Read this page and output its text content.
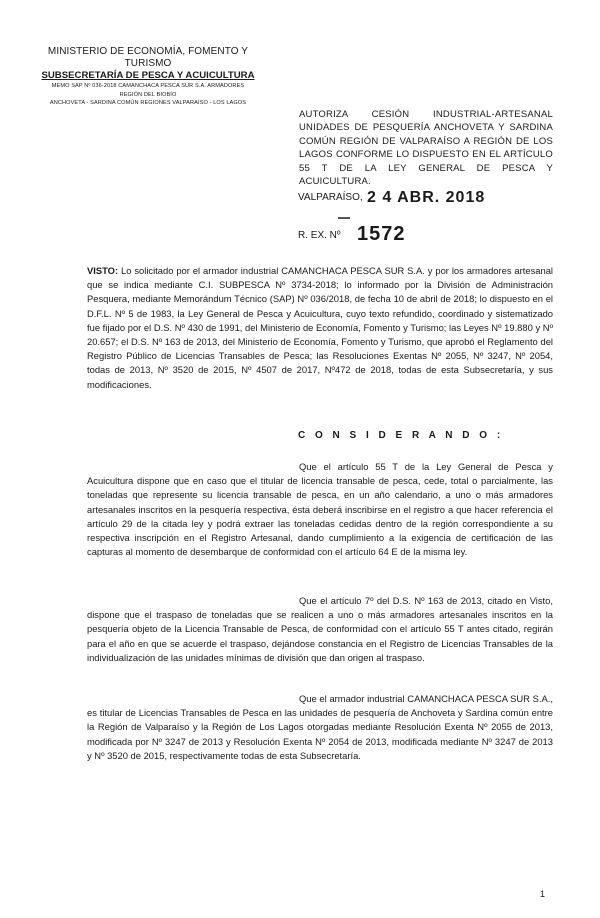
MINISTERIO DE ECONOMÍA, FOMENTO Y TURISMO
SUBSECRETARÍA DE PESCA Y ACUICULTURA
MEMO SAP Nº 036-2018 CAMANCHACA PESCA SUR S.A. ARMADORES
REGIÓN DEL BIOBÍO
ANCHOVETA - SARDINA COMÚN REGIONES VALPARAÍSO - LOS LAGOS
AUTORIZA CESIÓN INDUSTRIAL-ARTESANAL UNIDADES DE PESQUERÍA ANCHOVETA Y SARDINA COMÚN REGIÓN DE VALPARAÍSO A REGIÓN DE LOS LAGOS CONFORME LO DISPUESTO EN EL ARTÍCULO 55 T DE LA LEY GENERAL DE PESCA Y ACUICULTURA.
VALPARAÍSO, 2 4 ABR. 2018
R. EX. Nº 1572
VISTO: Lo solicitado por el armador industrial CAMANCHACA PESCA SUR S.A. y por los armadores artesanal que se indica mediante C.I. SUBPESCA Nº 3734-2018; lo informado por la División de Administración Pesquera, mediante Memorándum Técnico (SAP) Nº 036/2018, de fecha 10 de abril de 2018; lo dispuesto en el D.F.L. Nº 5 de 1983, la Ley General de Pesca y Acuicultura, cuyo texto refundido, coordinado y sistematizado fue fijado por el D.S. Nº 430 de 1991, del Ministerio de Economía, Fomento y Turismo; las Leyes Nº 19.880 y Nº 20.657; el D.S. Nº 163 de 2013, del Ministerio de Economía, Fomento y Turismo, que aprobó el Reglamento del Registro Público de Licencias Transables de Pesca; las Resoluciones Exentas Nº 2055, Nº 3247, Nº 2054, todas de 2013, Nº 3520 de 2015, Nº 4507 de 2017, Nº472 de 2018, todas de esta Subsecretaría, y sus modificaciones.
C O N S I D E R A N D O :
Que el artículo 55 T de la Ley General de Pesca y Acuicultura dispone que en caso que el titular de licencia transable de pesca, cede, total o parcialmente, las toneladas que represente su licencia transable de pesca, en un año calendario, a uno o más armadores artesanales inscritos en la pesquería respectiva, ésta deberá inscribirse en el registro a que hacer referencia el artículo 29 de la citada ley y podrá extraer las toneladas cedidas dentro de la región correspondiente a su respectiva inscripción en el Registro Artesanal, dando cumplimiento a la exigencia de certificación de las capturas al momento de desembarque de conformidad con el artículo 64 E de la misma ley.
Que el artículo 7º del D.S. Nº 163 de 2013, citado en Visto, dispone que el traspaso de toneladas que se realicen a uno o más armadores artesanales inscritos en la pesquería objeto de la Licencia Transable de Pesca, de conformidad con el artículo 55 T antes citado, regirán para el año en que se acuerde el traspaso, dejándose constancia en el Registro de Licencias Transables de la individualización de las unidades mínimas de división que dan origen al traspaso.
Que el armador industrial CAMANCHACA PESCA SUR S.A., es titular de Licencias Transables de Pesca en las unidades de pesquería de Anchoveta y Sardina común entre la Región de Valparaíso y la Región de Los Lagos otorgadas mediante Resolución Exenta Nº 2055 de 2013, modificada por Nº 3247 de 2013 y Resolución Exenta Nº 2054 de 2013, modificada mediante Nº 3247 de 2013 y Nº 3520 de 2015, respectivamente todas de esta Subsecretaría.
1
